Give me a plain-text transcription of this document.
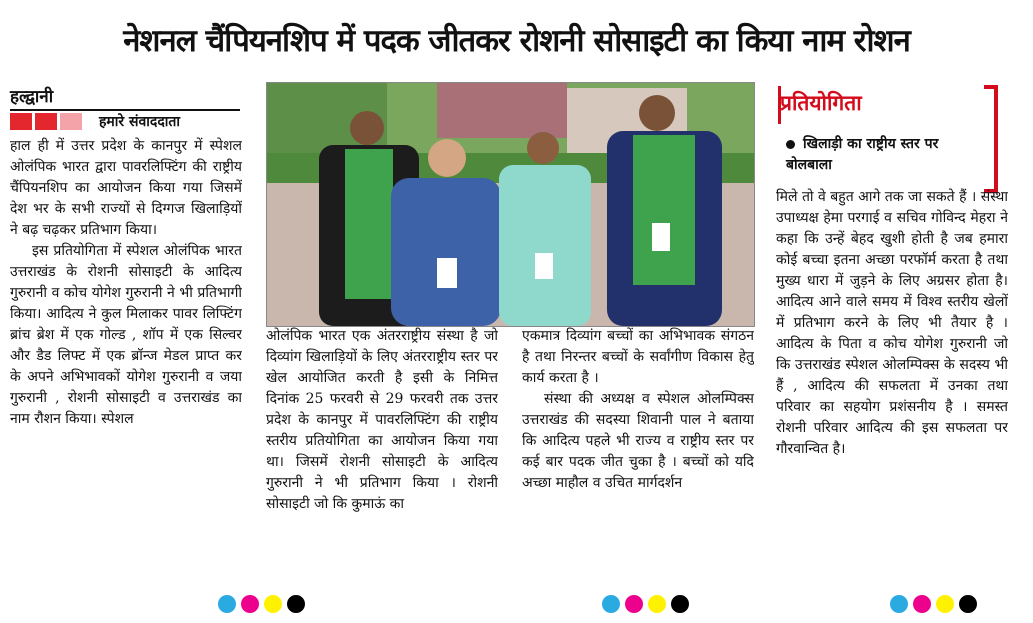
नेशनल चैंपियनशिप में पदक जीतकर रोशनी सोसाइटी का किया नाम रोशन
हल्द्वानी
हमारे संवाददाता

हाल ही में उत्तर प्रदेश के कानपुर में स्पेशल ओलंपिक भारत द्वारा पावरलिफ्टिंग की राष्ट्रीय चैंपियनशिप का आयोजन किया गया जिसमें देश भर के सभी राज्यों से दिग्गज खिलाड़ियों ने बढ़ चढ़कर प्रतिभाग किया।

इस प्रतियोगिता में स्पेशल ओलंपिक भारत उत्तराखंड के रोशनी सोसाइटी के आदित्य गुरुरानी व कोच योगेश गुरुरानी ने भी प्रतिभागी किया। आदित्य ने कुल मिलाकर पावर लिफ्टिंग ब्रांच ब्रेश में एक गोल्ड , शॉप में एक सिल्वर और डैड लिफ्ट में एक ब्रॉन्ज मेडल प्राप्त कर के अपने अभिभावकों योगेश गुरुरानी व जया गुरुरानी , रोशनी सोसाइटी व उत्तराखंड का नाम रौशन किया। स्पेशल

ओलंपिक भारत एक अंतरराष्ट्रीय संस्था है जो दिव्यांग खिलाड़ियों के लिए अंतरराष्ट्रीय स्तर पर खेल आयोजित करती है इसी के निमित्त दिनांक 25 फरवरी से 29 फरवरी तक उत्तर प्रदेश के कानपुर में पावरलिफ्टिंग की राष्ट्रीय स्तरीय प्रतियोगिता का आयोजन किया गया था। जिसमें रोशनी सोसाइटी के आदित्य गुरुरानी ने भी प्रतिभाग किया । रोशनी सोसाइटी जो कि कुमाऊं का

एकमात्र दिव्यांग बच्चों का अभिभावक संगठन है तथा निरन्तर बच्चों के सर्वांगीण विकास हेतु कार्य करता है ।

संस्था की अध्यक्ष व स्पेशल ओलम्पिक्स उत्तराखंड की सदस्या शिवानी पाल ने बताया कि आदित्य पहले भी राज्य व राष्ट्रीय स्तर पर कई बार पदक जीत चुका है । बच्चों को यदि अच्छा माहौल व उचित मार्गदर्शन

प्रतियोगिता
खिलाड़ी का राष्ट्रीय स्तर पर बोलबाला

मिले तो वे बहुत आगे तक जा सकते हैं । संस्था उपाध्यक्ष हेमा परगाई व सचिव गोविन्द मेहरा ने कहा कि उन्हें बेहद खुशी होती है जब हमारा कोई बच्चा इतना अच्छा परफॉर्म करता है तथा मुख्य धारा में जुड़ने के लिए अग्रसर होता है। आदित्य आने वाले समय में विश्व स्तरीय खेलों में प्रतिभाग करने के लिए भी तैयार है । आदित्य के पिता व कोच योगेश गुरुरानी जो कि उत्तराखंड स्पेशल ओलम्पिक्स के सदस्य भी हैं , आदित्य की सफलता में उनका तथा परिवार का सहयोग प्रशंसनीय है । समस्त रोशनी परिवार आदित्य की इस सफलता पर गौरवान्वित है।
